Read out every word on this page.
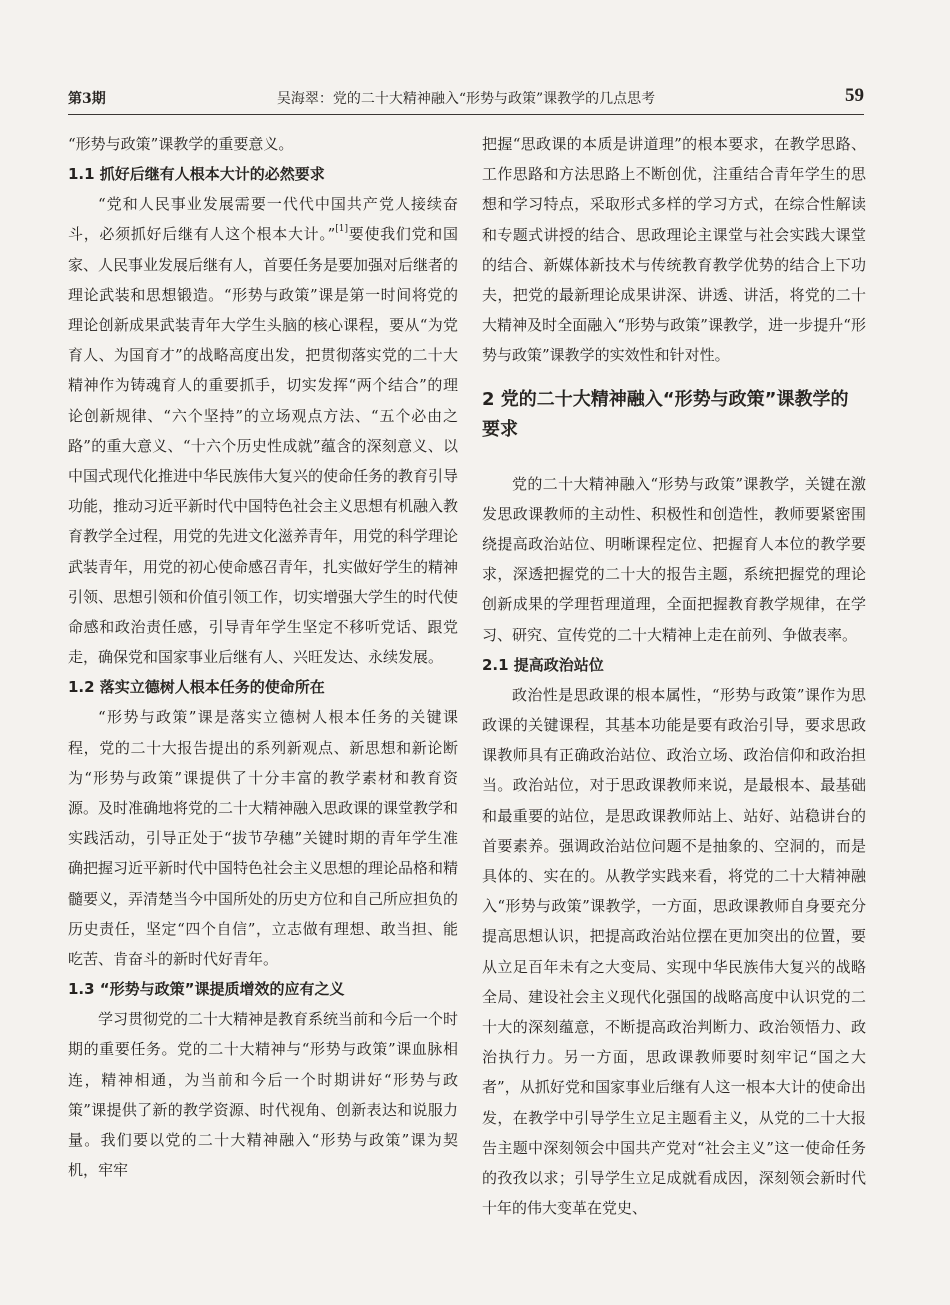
第3期	吴海翠：党的二十大精神融入“形势与政策”课教学的几点思考	59

“形势与政策”课教学的重要意义。

1.1 抓好后继有人根本大计的必然要求

“党和人民事业发展需要一代代中国共产党人接续奋斗，必须抓好后继有人这个根本大计。”[1]要使我们党和国家、人民事业发展后继有人，首要任务是要加强对后继者的理论武装和思想锻造。“形势与政策”课是第一时间将党的理论创新成果武装青年大学生头脑的核心课程，要从“为党育人、为国育才”的战略高度出发，把贯彻落实党的二十大精神作为铸魂育人的重要抓手，切实发挥“两个结合”的理论创新规律、“六个坚持”的立场观点方法、“五个必由之路”的重大意义、“十六个历史性成就”蕴含的深刻意义、以中国式现代化推进中华民族伟大复兴的使命任务的教育引导功能，推动习近平新时代中国特色社会主义思想有机融入教育教学全过程，用党的先进文化滋养青年，用党的科学理论武装青年，用党的初心使命感召青年，扎实做好学生的精神引领、思想引领和价值引领工作，切实增强大学生的时代使命感和政治责任感，引导青年学生坚定不移听党话、跟党走，确保党和国家事业后继有人、兴旺发达、永续发展。

1.2 落实立德树人根本任务的使命所在

“形势与政策”课是落实立德树人根本任务的关键课程，党的二十大报告提出的系列新观点、新思想和新论断为“形势与政策”课提供了十分丰富的教学素材和教育资源。及时准确地将党的二十大精神融入思政课的课堂教学和实践活动，引导正处于“拔节孕穗”关键时期的青年学生准确把握习近平新时代中国特色社会主义思想的理论品格和精髓要义，弄清楚当今中国所处的历史方位和自己所应担负的历史责任，坚定“四个自信”，立志做有理想、敢当担、能吃苦、肯奋斗的新时代好青年。

1.3 “形势与政策”课提质增效的应有之义

学习贯彻党的二十大精神是教育系统当前和今后一个时期的重要任务。党的二十大精神与“形势与政策”课血脉相连，精神相通，为当前和今后一个时期讲好“形势与政策”课提供了新的教学资源、时代视角、创新表达和说服力量。我们要以党的二十大精神融入“形势与政策”课为契机，牢牢

把握“思政课的本质是讲道理”的根本要求，在教学思路、工作思路和方法思路上不断创优，注重结合青年学生的思想和学习特点，采取形式多样的学习方式，在综合性解读和专题式讲授的结合、思政理论主课堂与社会实践大课堂的结合、新媒体新技术与传统教育教学优势的结合上下功夫，把党的最新理论成果讲深、讲透、讲活，将党的二十大精神及时全面融入“形势与政策”课教学，进一步提升“形势与政策”课教学的实效性和针对性。

2 党的二十大精神融入“形势与政策”课教学的要求

党的二十大精神融入“形势与政策”课教学，关键在激发思政课教师的主动性、积极性和创造性，教师要紧密围绕提高政治站位、明晰课程定位、把握育人本位的教学要求，深透把握党的二十大的报告主题，系统把握党的理论创新成果的学理哲理道理，全面把握教育教学规律，在学习、研究、宣传党的二十大精神上走在前列、争做表率。

2.1 提高政治站位

政治性是思政课的根本属性，“形势与政策”课作为思政课的关键课程，其基本功能是要有政治引导，要求思政课教师具有正确政治站位、政治立场、政治信仰和政治担当。政治站位，对于思政课教师来说，是最根本、最基础和最重要的站位，是思政课教师站上、站好、站稳讲台的首要素养。强调政治站位问题不是抽象的、空洞的，而是具体的、实在的。从教学实践来看，将党的二十大精神融入“形势与政策”课教学，一方面，思政课教师自身要充分提高思想认识，把提高政治站位摆在更加突出的位置，要从立足百年未有之大变局、实现中华民族伟大复兴的战略全局、建设社会主义现代化强国的战略高度中认识党的二十大的深刻蕴意，不断提高政治判断力、政治领悟力、政治执行力。另一方面，思政课教师要时刻牢记“国之大者”，从抓好党和国家事业后继有人这一根本大计的使命出发，在教学中引导学生立足主题看主义，从党的二十大报告主题中深刻领会中国共产党对“社会主义”这一使命任务的孜孜以求；引导学生立足成就看成因，深刻领会新时代十年的伟大变革在党史、
